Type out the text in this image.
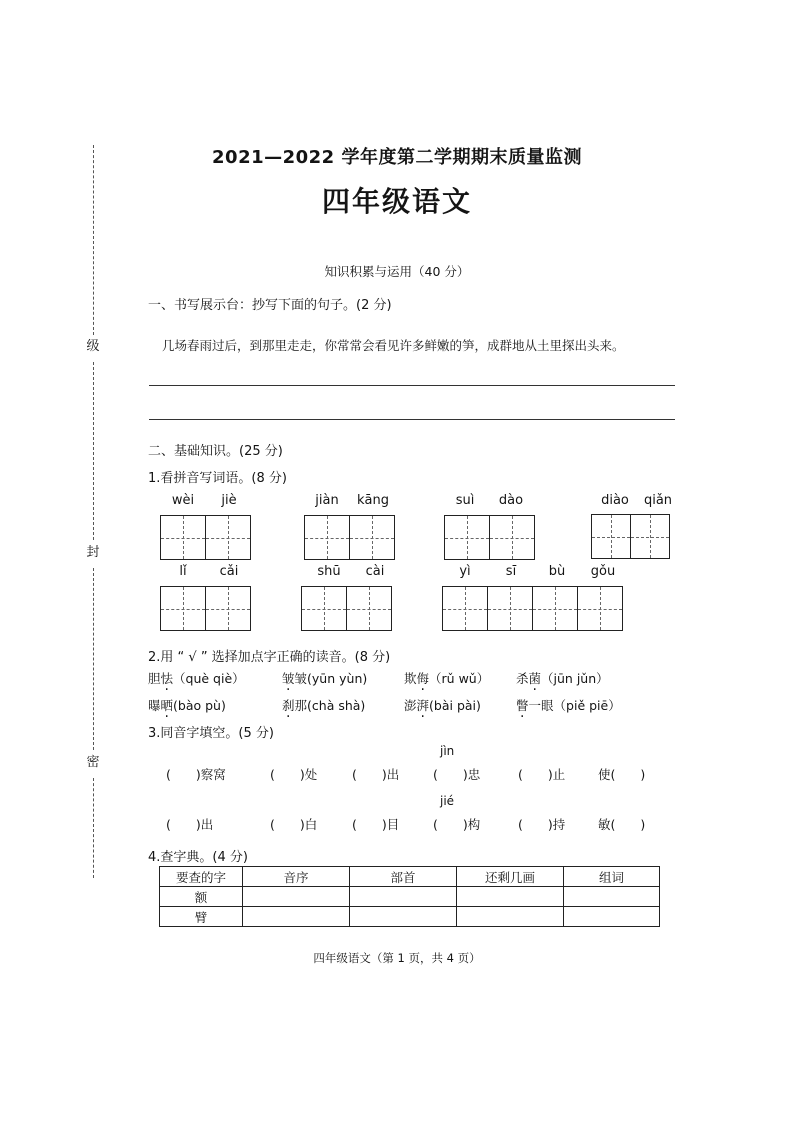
级
封
密
2021—2022 学年度第二学期期末质量监测
四年级语文
知识积累与运用（40 分）
一、书写展示台：抄写下面的句子。(2 分)
几场春雨过后，到那里走走，你常常会看见许多鲜嫩的笋，成群地从土里探出头来。
二、基础知识。(25 分)
1.看拼音写词语。(8 分)
wèi	jiè	jiàn	kāng	suì	dào	diào	qiǎn
lǐ	cǎi	shū	cài	yì	sī	bù	gǒu
2.用 “ √ ” 选择加点字正确的读音。(8 分)
胆怯（què qiè）	皱皱(yūn yùn)	欺侮（rǔ wǔ） 杀菌（jūn jǔn）
曝晒(bào pù)	刹那(chà shà)	澎湃(bài pài)	瞥一眼（piě piē）
3.同音字填空。(5 分)
jìn
(　　)察窝	(　　)处	(　　)出	(　　)忠	(　　)止	使(　　)
jié
(　　)出	(　　)白	(　　)目	(　　)构	(　　)持	敏(　　)
4.查字典。(4 分)
要查的字	音序	部首	还剩几画	组词
额				
臂				
四年级语文（第 1 页，共 4 页）
